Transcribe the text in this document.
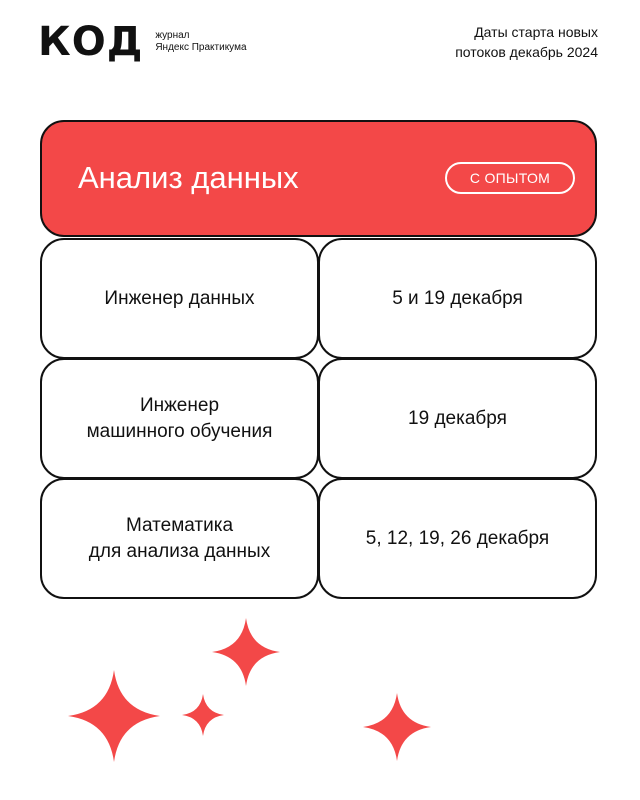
КОД журнал
Яндекс Практикума
Даты старта новых
потоков декабрь 2024
Анализ данных	С ОПЫТОМ
Инженер данных	5 и 19 декабря
Инженер
машинного обучения
19 декабря
Математика
для анализа данных
5, 12, 19, 26 декабря
